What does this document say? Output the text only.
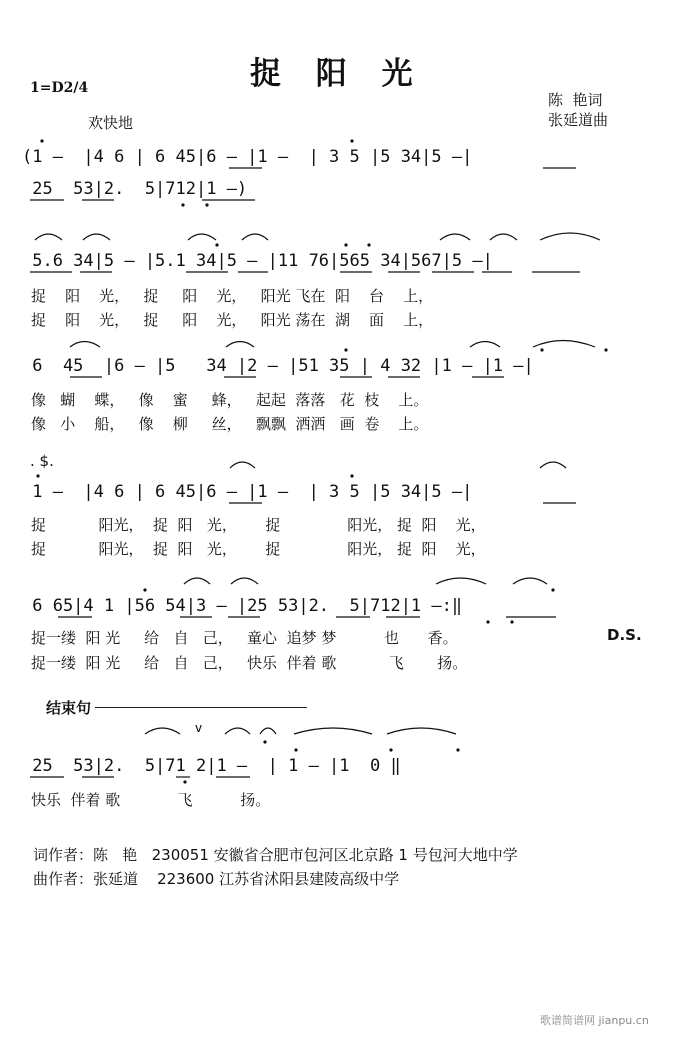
捉 阳 光
1=D2/4
欢快地
陈  艳词
张延道曲
(1 —  |4 6 | 6 45|6 — |1 —  | 3 5 |5 34|5 —|
25  53|2.  5|712|1 —)
5.6 34|5 — |5.1 34|5 — |11 76|565 34|567|5 —|
捉    阳    光，   捉     阳    光，   阳光 飞在  阳    台    上，
捉    阳    光，   捉     阳    光，   阳光 荡在  湖    面    上，
6  45  |6 — |5   34 |2 — |51 35 | 4 32 |1 — |1 —|
像   蝴    蝶，   像    蜜     蜂，   起起  落落   花  枝    上。
像   小    船，   像    柳     丝，   飘飘  洒洒   画  卷    上。
. $.
1 —  |4 6 | 6 45|6 — |1 —  | 3 5 |5 34|5 —|
捉           阳光，  捉  阳   光，      捉              阳光， 捉  阳    光，
捉           阳光，  捉  阳   光，      捉              阳光， 捉  阳    光，
6 65|4 1 |56 54|3 — |25 53|2.  5|712|1 —:‖
捉一缕  阳 光     给   自   己，   童心  追梦 梦          也      香。
捉一缕  阳 光     给   自   己，   快乐  伴着 歌           飞       扬。
D.S.
结束句
25  53|2.  5|71 2|1 —  | 1 — |1  0 ‖
快乐  伴着 歌            飞          扬。
词作者：陈   艳   230051 安徽省合肥市包河区北京路 1 号包河大地中学
曲作者：张延道    223600 江苏省沭阳县建陵高级中学
歌谱简谱网 jianpu.cn
v
